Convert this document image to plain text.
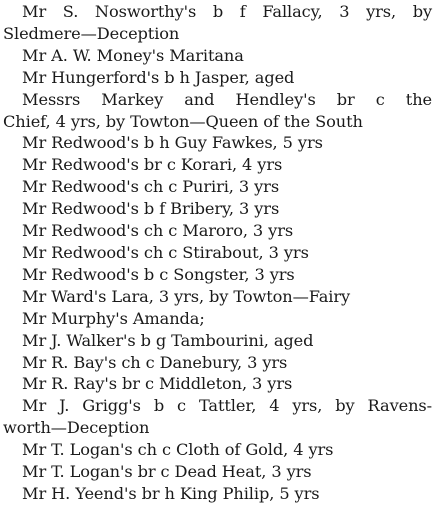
Mr S. Nosworthy's b f Fallacy, 3 yrs, by
Sledmere—Deception
Mr A. W. Money's Maritana
Mr Hungerford's b h Jasper, aged
Messrs Markey and Hendley's br c the
Chief, 4 yrs, by Towton—Queen of the South
Mr Redwood's b h Guy Fawkes, 5 yrs
Mr Redwood's br c Korari, 4 yrs
Mr Redwood's ch c Puriri, 3 yrs
Mr Redwood's b f Bribery, 3 yrs
Mr Redwood's ch c Maroro, 3 yrs
Mr Redwood's ch c Stirabout, 3 yrs
Mr Redwood's b c Songster, 3 yrs
Mr Ward's Lara, 3 yrs, by Towton—Fairy
Mr Murphy's Amanda;
Mr J. Walker's b g Tambourini, aged
Mr R. Bay's ch c Danebury, 3 yrs
Mr R. Ray's br c Middleton, 3 yrs
Mr J. Grigg's b c Tattler, 4 yrs, by Ravens-
worth—Deception
Mr T. Logan's ch c Cloth of Gold, 4 yrs
Mr T. Logan's br c Dead Heat, 3 yrs
Mr H. Yeend's br h King Philip, 5 yrs
